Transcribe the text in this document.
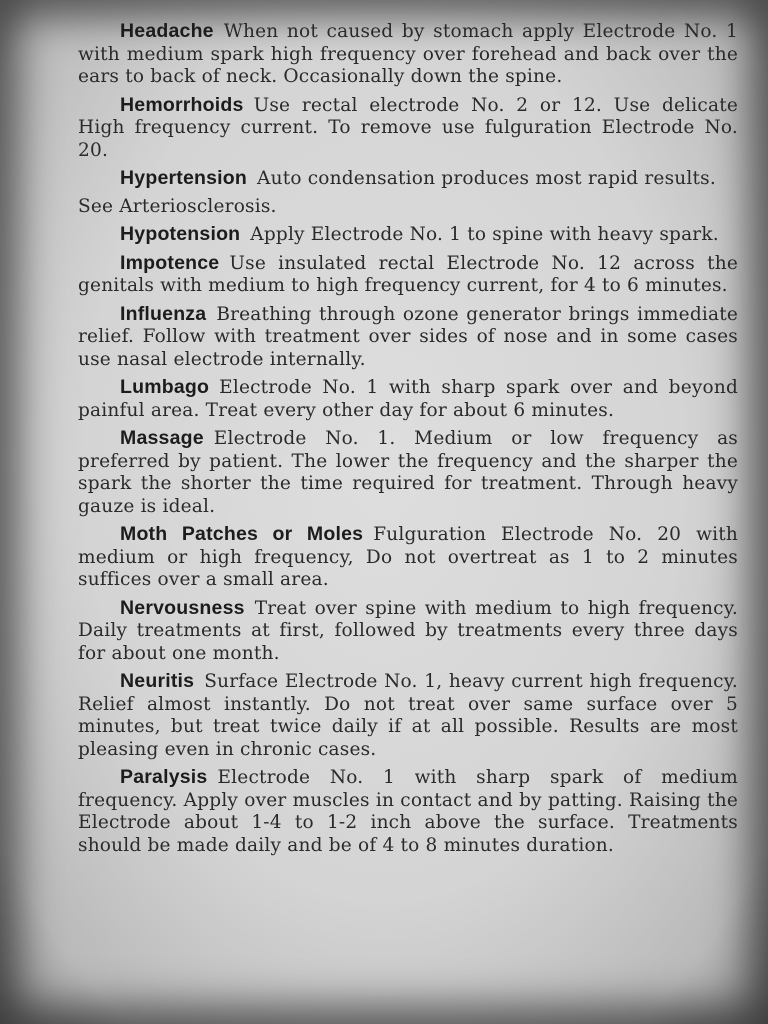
Headache When not caused by stomach apply Electrode No. 1 with medium spark high frequency over forehead and back over the ears to back of neck. Occasionally down the spine.

Hemorrhoids Use rectal electrode No. 2 or 12. Use delicate High frequency current. To remove use fulguration Electrode No. 20.

Hypertension Auto condensation produces most rapid results.

See Arteriosclerosis.

Hypotension Apply Electrode No. 1 to spine with heavy spark.

Impotence Use insulated rectal Electrode No. 12 across the genitals with medium to high frequency current, for 4 to 6 minutes.

Influenza Breathing through ozone generator brings immediate relief. Follow with treatment over sides of nose and in some cases use nasal electrode internally.

Lumbago Electrode No. 1 with sharp spark over and beyond painful area. Treat every other day for about 6 minutes.

Massage Electrode No. 1. Medium or low frequency as preferred by patient. The lower the frequency and the sharper the spark the shorter the time required for treatment. Through heavy gauze is ideal.

Moth Patches or Moles Fulguration Electrode No. 20 with medium or high frequency, Do not overtreat as 1 to 2 minutes suffices over a small area.

Nervousness Treat over spine with medium to high frequency. Daily treatments at first, followed by treatments every three days for about one month.

Neuritis Surface Electrode No. 1, heavy current high frequency. Relief almost instantly. Do not treat over same surface over 5 minutes, but treat twice daily if at all possible. Results are most pleasing even in chronic cases.

Paralysis Electrode No. 1 with sharp spark of medium frequency. Apply over muscles in contact and by patting. Raising the Electrode about 1-4 to 1-2 inch above the surface. Treatments should be made daily and be of 4 to 8 minutes duration.
